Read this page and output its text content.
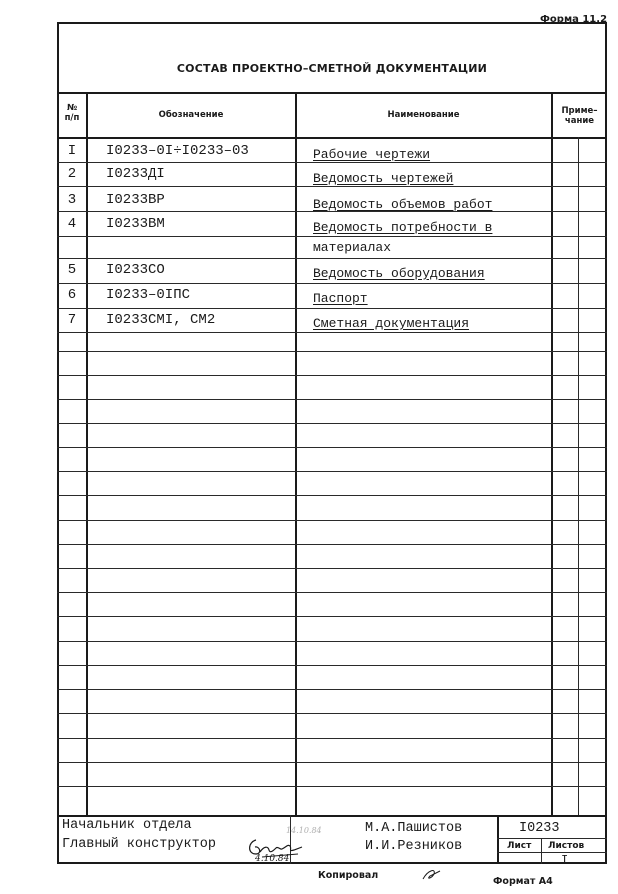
Форма 11.2
СОСТАВ ПРОЕКТНО–СМЕТНОЙ ДОКУМЕНТАЦИИ
№
п/п	Обозначение	Наименование	Приме–
чание
I	I0233–0I÷I0233–03	Рабочие чертежи
2	I0233ДI	Ведомость чертежей
3	I0233ВР	Ведомость объемов работ
4	I0233ВМ	Ведомость потребности в
материалах
5	I0233СО	Ведомость оборудования
6	I0233–0IПС	Паспорт
7	I0233СМI, СМ2	Сметная документация
Начальник отдела
Главный конструктор
М.А.Пашистов
И.И.Резников
I0233
Лист Листов
I
4.10.84
14.10.84
Копировал
Формат А4
